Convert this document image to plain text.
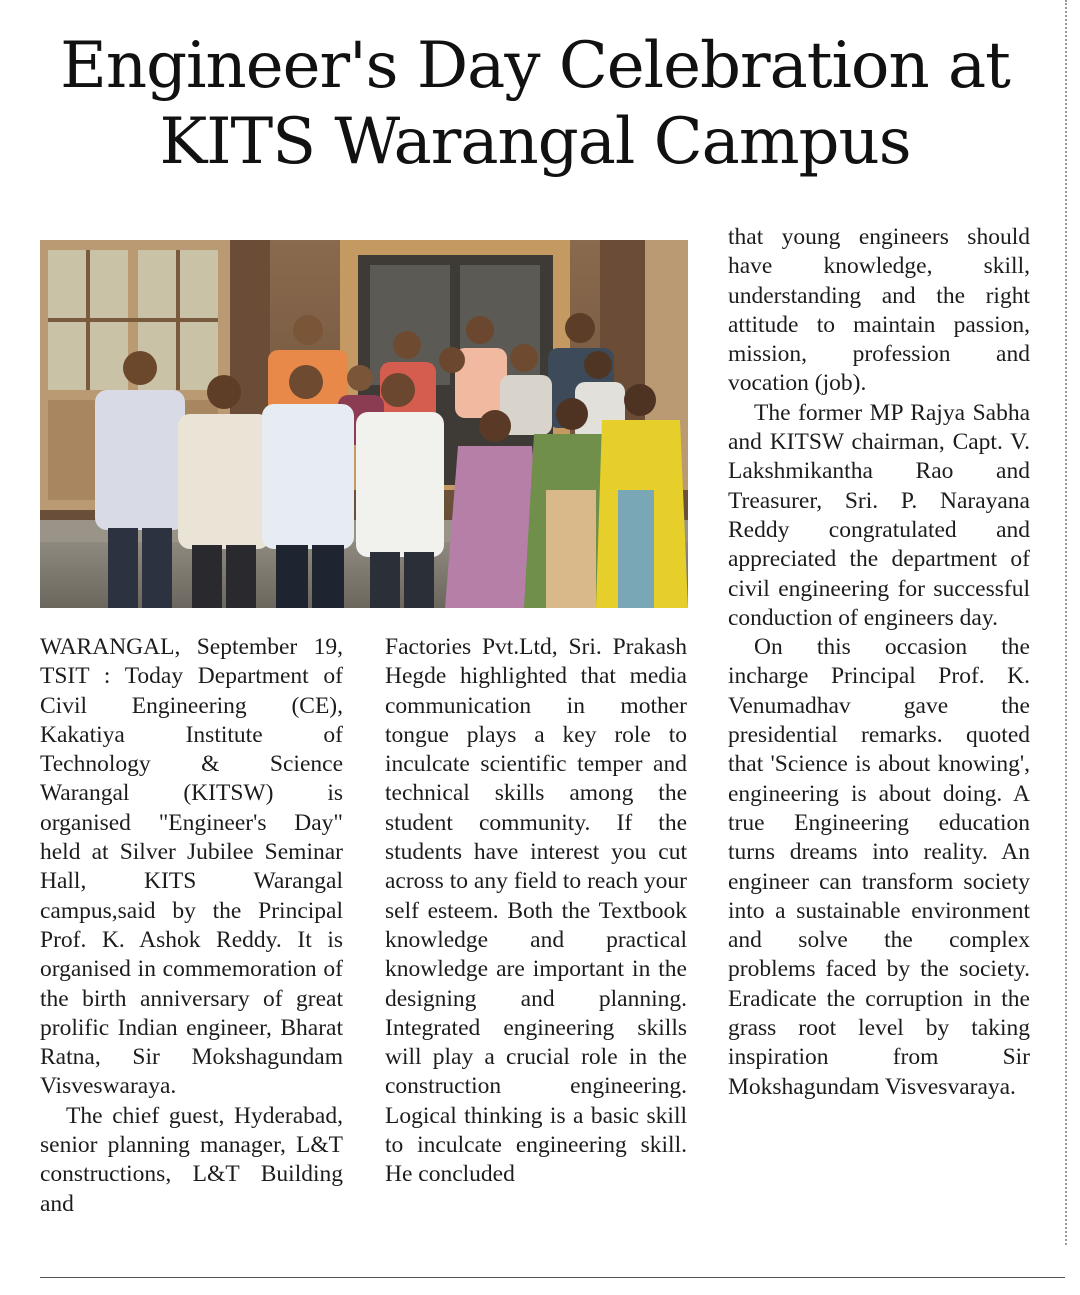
Engineer's Day Celebration at
KITS Warangal Campus

WARANGAL, September 19, TSIT : Today Department of Civil Engineering (CE), Kakatiya Institute of Technology & Science Warangal (KITSW) is organised "Engineer's Day" held at Silver Jubilee Seminar Hall, KITS Warangal campus,said by the Principal Prof. K. Ashok Reddy. It is organised in commemoration of the birth anniversary of great prolific Indian engineer, Bharat Ratna, Sir Mokshagundam Visveswaraya.

The chief guest, Hyderabad, senior planning manager, L&T constructions, L&T Building and

Factories Pvt.Ltd, Sri. Prakash Hegde highlighted that media communication in mother tongue plays a key role to inculcate scientific temper and technical skills among the student community. If the students have interest you cut across to any field to reach your self esteem. Both the Textbook knowledge and practical knowledge are important in the designing and planning. Integrated engineering skills will play a crucial role in the construction engineering. Logical thinking is a basic skill to inculcate engineering skill. He concluded

that young engineers should have knowledge, skill, understanding and the right attitude to maintain passion, mission, profession and vocation (job).

The former MP Rajya Sabha and KITSW chairman, Capt. V. Lakshmikantha Rao and Treasurer, Sri. P. Narayana Reddy congratulated and appreciated the department of civil engineering for successful conduction of engineers day.

On this occasion the incharge Principal Prof. K. Venumadhav gave the presidential remarks. quoted that 'Science is about knowing', engineering is about doing. A true Engineering education turns dreams into reality. An engineer can transform society into a sustainable environment and solve the complex problems faced by the society. Eradicate the corruption in the grass root level by taking inspiration from Sir Mokshagundam Visvesvaraya.
